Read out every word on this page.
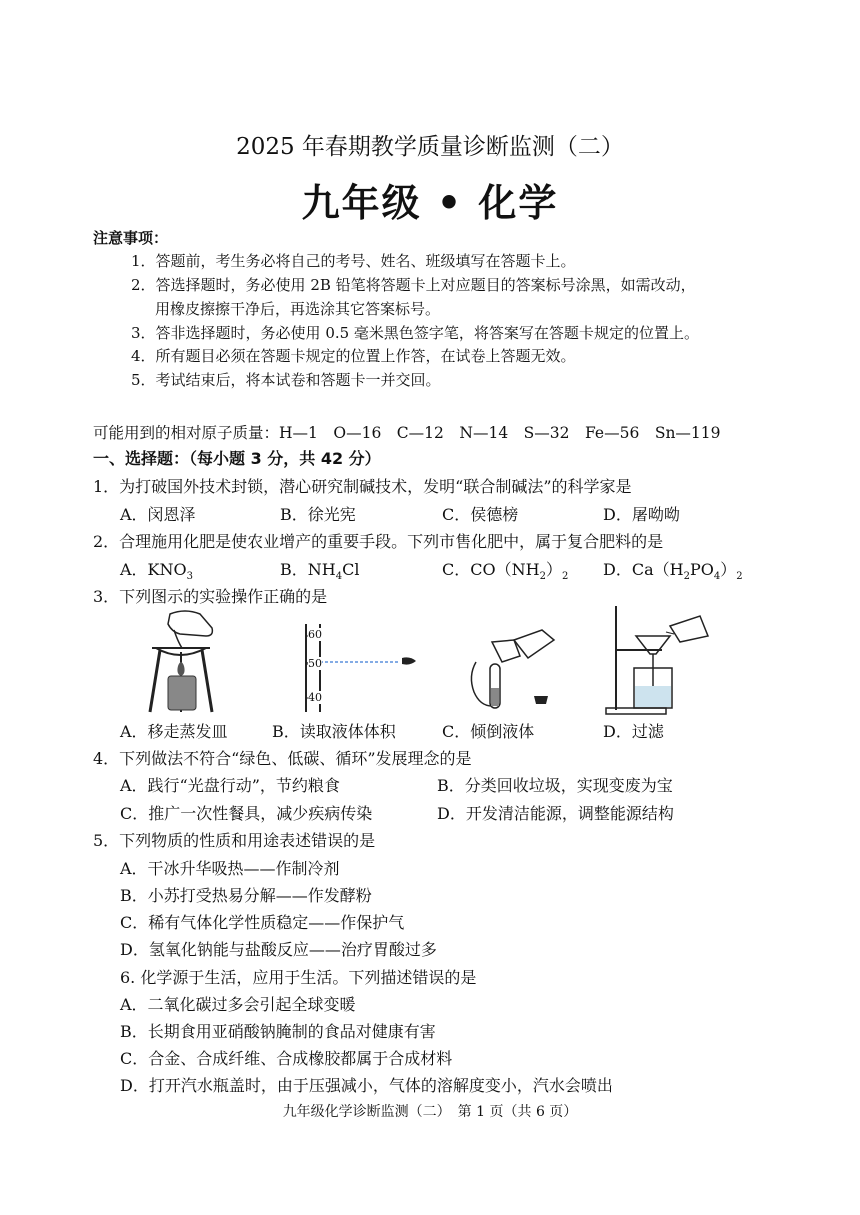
2025 年春期教学质量诊断监测（二）
九年级 • 化学
注意事项：
1．答题前，考生务必将自己的考号、姓名、班级填写在答题卡上。
2．答选择题时，务必使用 2B 铅笔将答题卡上对应题目的答案标号涂黑，如需改动，
用橡皮擦擦干净后，再选涂其它答案标号。
3．答非选择题时，务必使用 0.5 毫米黑色签字笔，将答案写在答题卡规定的位置上。
4．所有题目必须在答题卡规定的位置上作答，在试卷上答题无效。
5．考试结束后，将本试卷和答题卡一并交回。
可能用到的相对原子质量：H—1　O—16　C—12　N—14　S—32　Fe—56　Sn—119
一、选择题：（每小题 3 分，共 42 分）
1．为打破国外技术封锁，潜心研究制碱技术，发明“联合制碱法”的科学家是
A．闵恩泽	B．徐光宪	C．侯德榜	D．屠呦呦
2．合理施用化肥是使农业增产的重要手段。下列市售化肥中，属于复合肥料的是
A．$KNO_3$	B．$NH_4Cl$	C．$CO(NH_2)_2$ D．$Ca(H_2PO_4)_2$
3．下列图示的实验操作正确的是
60
50
40
A．移走蒸发皿	B．读取液体体积	C．倾倒液体	D．过滤
4．下列做法不符合“绿色、低碳、循环”发展理念的是
A．践行“光盘行动”，节约粮食	B．分类回收垃圾，实现变废为宝
C．推广一次性餐具，减少疾病传染	D．开发清洁能源，调整能源结构
5．下列物质的性质和用途表述错误的是
A．干冰升华吸热——作制冷剂
B．小苏打受热易分解——作发酵粉
C．稀有气体化学性质稳定——作保护气
D．氢氧化钠能与盐酸反应——治疗胃酸过多
6. 化学源于生活，应用于生活。下列描述错误的是
A．二氧化碳过多会引起全球变暖
B．长期食用亚硝酸钠腌制的食品对健康有害
C．合金、合成纤维、合成橡胶都属于合成材料
D．打开汽水瓶盖时，由于压强减小，气体的溶解度变小，汽水会喷出
九年级化学诊断监测（二）　第 1 页（共 6 页）
